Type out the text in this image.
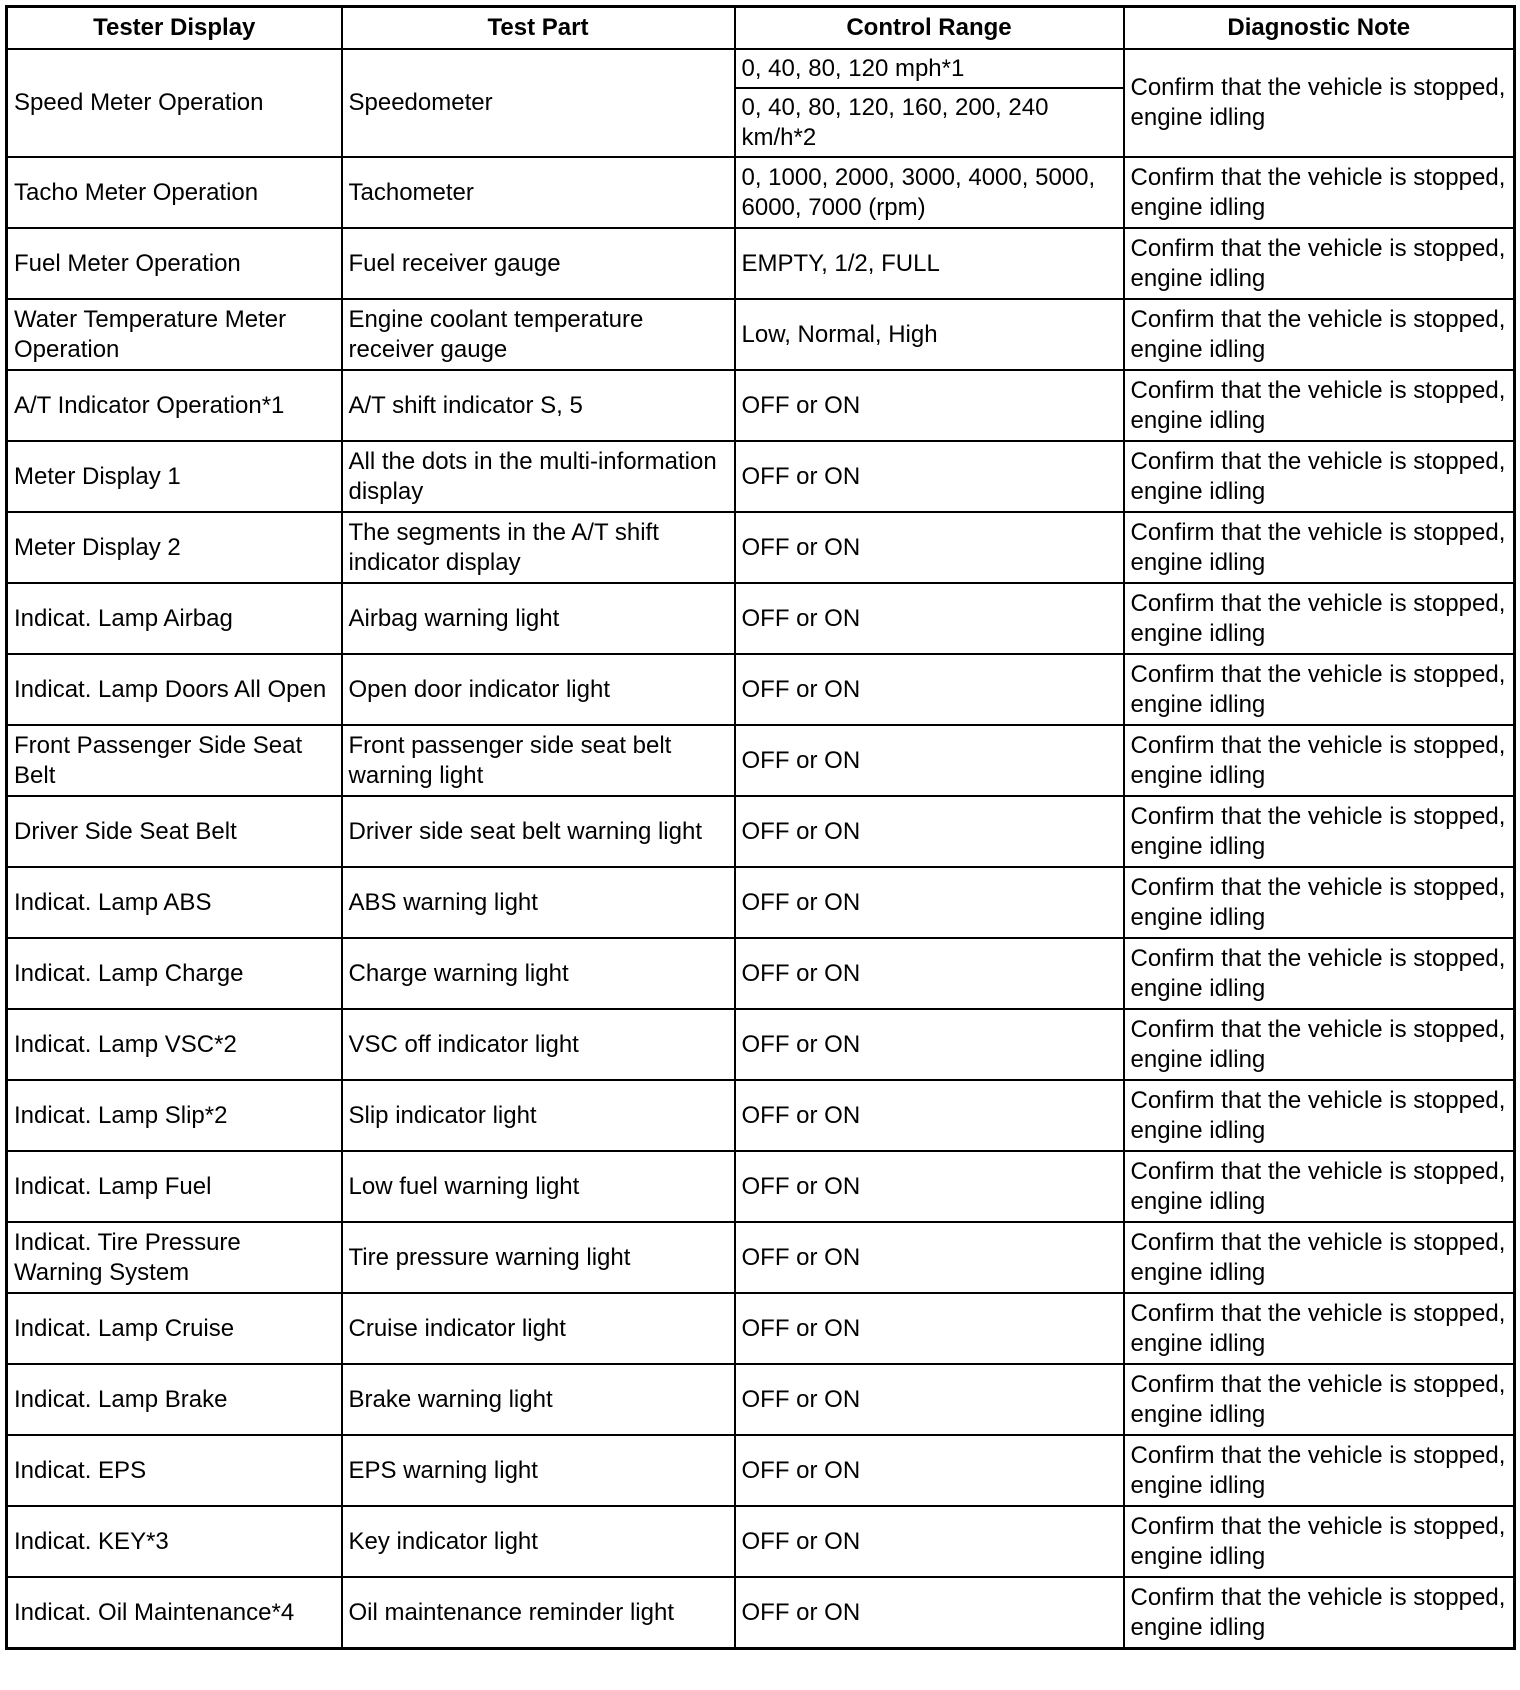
Tester Display	Test Part	Control Range	Diagnostic Note
Speed Meter Operation	Speedometer	0, 40, 80, 120 mph*1	Confirm that the vehicle is stopped, engine idling
		0, 40, 80, 120, 160, 200, 240 km/h*2	
Tacho Meter Operation	Tachometer	0, 1000, 2000, 3000, 4000, 5000, 6000, 7000 (rpm)	Confirm that the vehicle is stopped, engine idling
Fuel Meter Operation	Fuel receiver gauge	EMPTY, 1/2, FULL	Confirm that the vehicle is stopped, engine idling
Water Temperature Meter Operation	Engine coolant temperature receiver gauge	Low, Normal, High	Confirm that the vehicle is stopped, engine idling
A/T Indicator Operation*1	A/T shift indicator S, 5	OFF or ON	Confirm that the vehicle is stopped, engine idling
Meter Display 1	All the dots in the multi-information display	OFF or ON	Confirm that the vehicle is stopped, engine idling
Meter Display 2	The segments in the A/T shift indicator display	OFF or ON	Confirm that the vehicle is stopped, engine idling
Indicat. Lamp Airbag	Airbag warning light	OFF or ON	Confirm that the vehicle is stopped, engine idling
Indicat. Lamp Doors All Open	Open door indicator light	OFF or ON	Confirm that the vehicle is stopped, engine idling
Front Passenger Side Seat Belt	Front passenger side seat belt warning light	OFF or ON	Confirm that the vehicle is stopped, engine idling
Driver Side Seat Belt	Driver side seat belt warning light	OFF or ON	Confirm that the vehicle is stopped, engine idling
Indicat. Lamp ABS	ABS warning light	OFF or ON	Confirm that the vehicle is stopped, engine idling
Indicat. Lamp Charge	Charge warning light	OFF or ON	Confirm that the vehicle is stopped, engine idling
Indicat. Lamp VSC*2	VSC off indicator light	OFF or ON	Confirm that the vehicle is stopped, engine idling
Indicat. Lamp Slip*2	Slip indicator light	OFF or ON	Confirm that the vehicle is stopped, engine idling
Indicat. Lamp Fuel	Low fuel warning light	OFF or ON	Confirm that the vehicle is stopped, engine idling
Indicat. Tire Pressure Warning System	Tire pressure warning light	OFF or ON	Confirm that the vehicle is stopped, engine idling
Indicat. Lamp Cruise	Cruise indicator light	OFF or ON	Confirm that the vehicle is stopped, engine idling
Indicat. Lamp Brake	Brake warning light	OFF or ON	Confirm that the vehicle is stopped, engine idling
Indicat. EPS	EPS warning light	OFF or ON	Confirm that the vehicle is stopped, engine idling
Indicat. KEY*3	Key indicator light	OFF or ON	Confirm that the vehicle is stopped, engine idling
Indicat. Oil Maintenance*4	Oil maintenance reminder light	OFF or ON	Confirm that the vehicle is stopped, engine idling
